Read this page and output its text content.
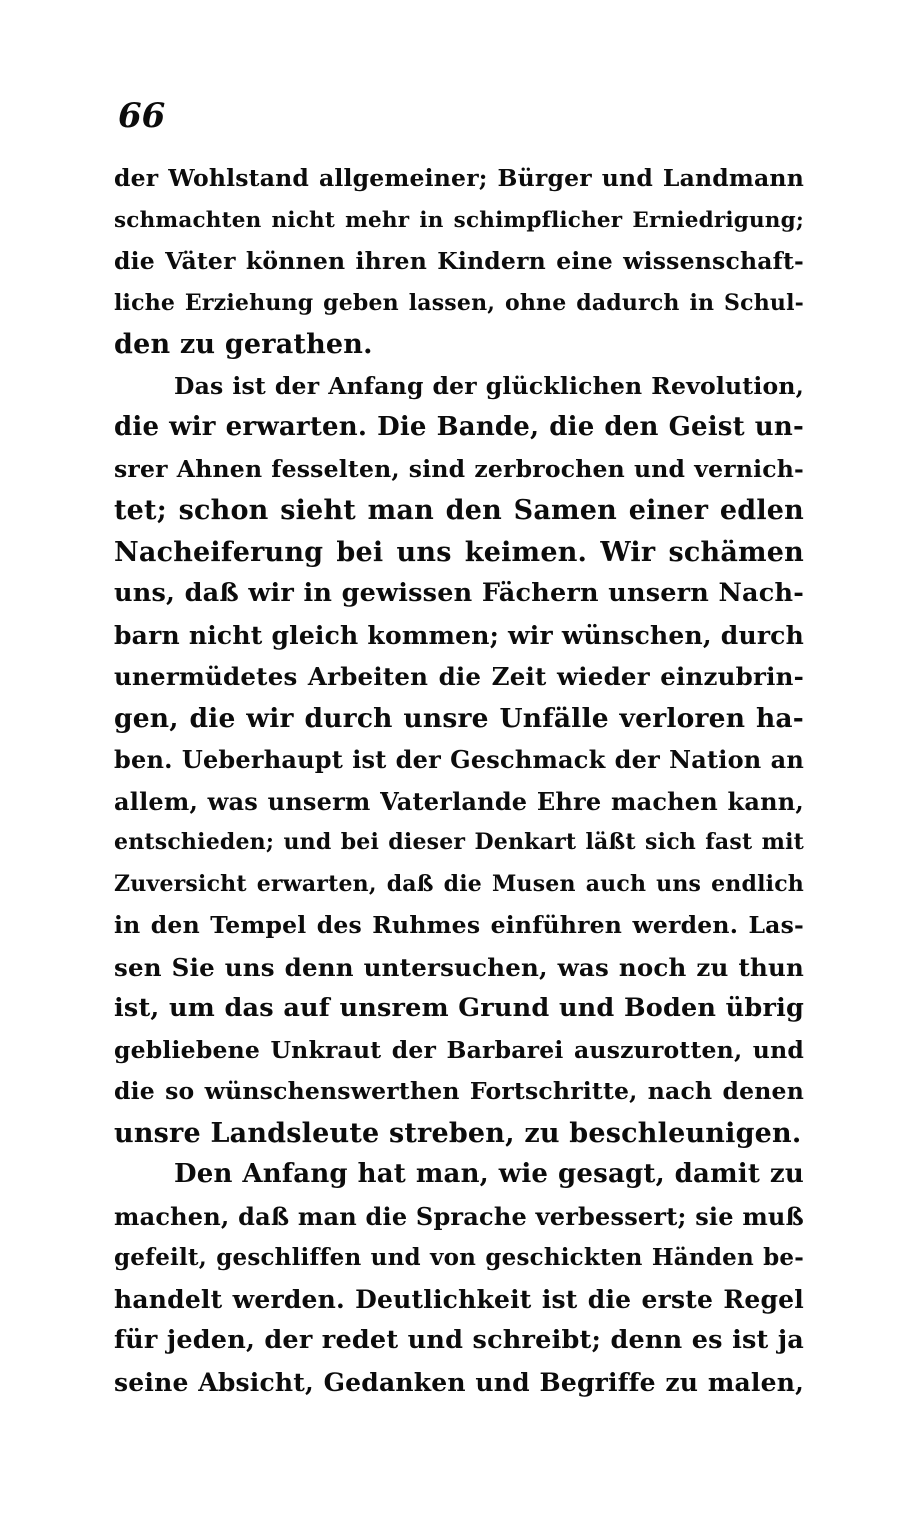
66
der Wohlstand allgemeiner; Bürger und Landmann
schmachten nicht mehr in schimpflicher Erniedrigung;
die Väter können ihren Kindern eine wissenschaft-
liche Erziehung geben lassen, ohne dadurch in Schul-
den zu gerathen.
Das ist der Anfang der glücklichen Revolution,
die wir erwarten. Die Bande, die den Geist un-
srer Ahnen fesselten, sind zerbrochen und vernich-
tet; schon sieht man den Samen einer edlen
Nacheiferung bei uns keimen. Wir schämen
uns, daß wir in gewissen Fächern unsern Nach-
barn nicht gleich kommen; wir wünschen, durch
unermüdetes Arbeiten die Zeit wieder einzubrin-
gen, die wir durch unsre Unfälle verloren ha-
ben. Ueberhaupt ist der Geschmack der Nation an
allem, was unserm Vaterlande Ehre machen kann,
entschieden; und bei dieser Denkart läßt sich fast mit
Zuversicht erwarten, daß die Musen auch uns endlich
in den Tempel des Ruhmes einführen werden. Las-
sen Sie uns denn untersuchen, was noch zu thun
ist, um das auf unsrem Grund und Boden übrig
gebliebene Unkraut der Barbarei auszurotten, und
die so wünschenswerthen Fortschritte, nach denen
unsre Landsleute streben, zu beschleunigen.
Den Anfang hat man, wie gesagt, damit zu
machen, daß man die Sprache verbessert; sie muß
gefeilt, geschliffen und von geschickten Händen be-
handelt werden. Deutlichkeit ist die erste Regel
für jeden, der redet und schreibt; denn es ist ja
seine Absicht, Gedanken und Begriffe zu malen,
